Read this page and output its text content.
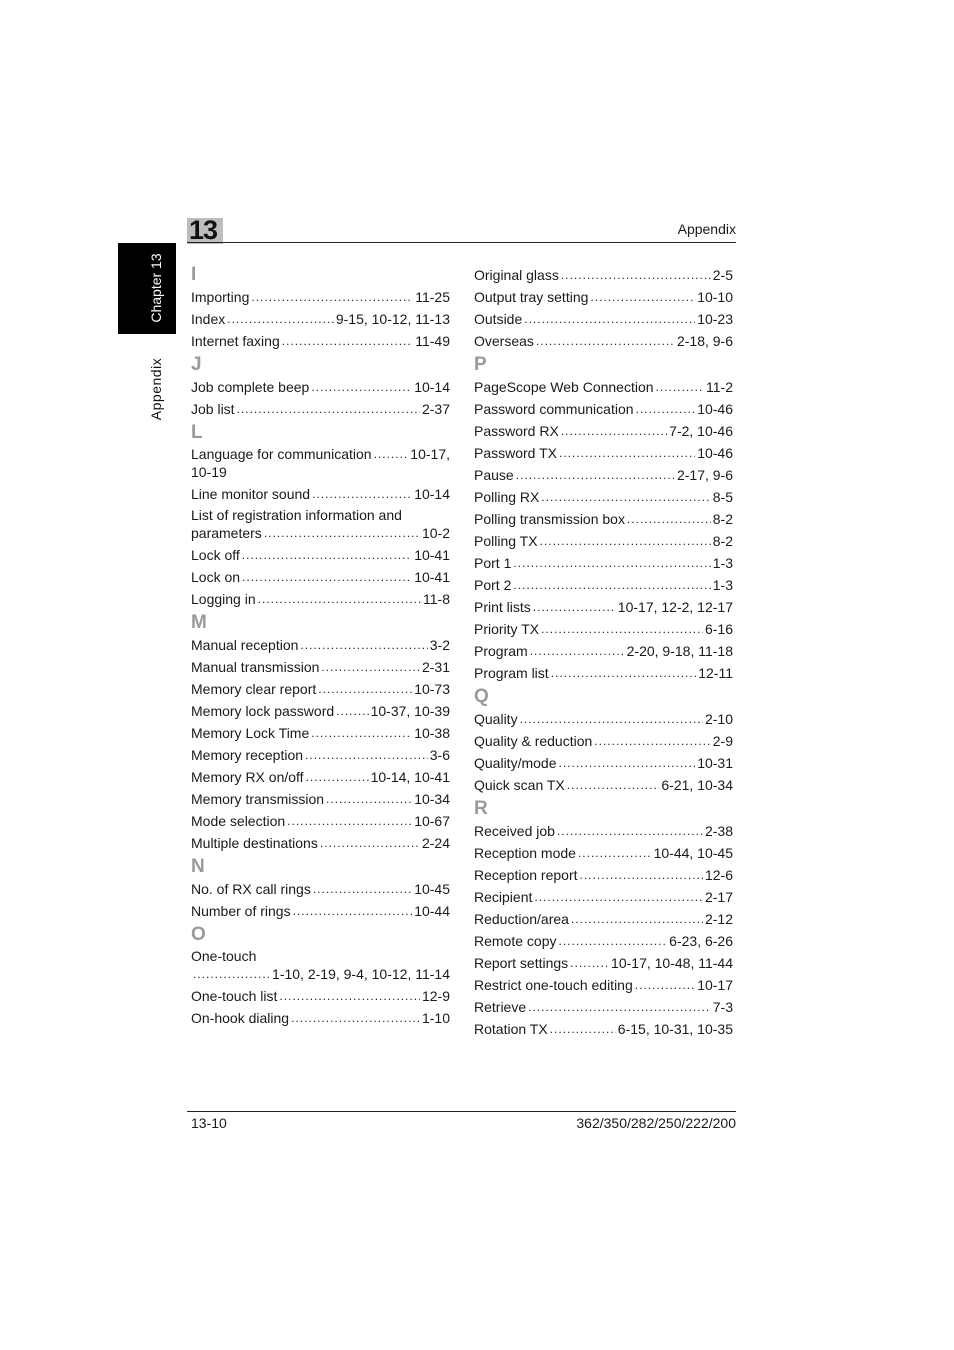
13	Appendix
Chapter 13
Appendix
I
Importing .....	11-25
Index .....	9-15, 10-12, 11-13
Internet faxing .....	11-49
J
Job complete beep .....	10-14
Job list .....	2-37
L
Language for communication .....	10-17,
10-19
Line monitor sound .....	10-14
List of registration information and
parameters .....	10-2
Lock off .....	10-41
Lock on .....	10-41
Logging in .....	11-8
M
Manual reception .....	3-2
Manual transmission .....	2-31
Memory clear report .....	10-73
Memory lock password .....	10-37, 10-39
Memory Lock Time .....	10-38
Memory reception .....	3-6
Memory RX on/off .....	10-14, 10-41
Memory transmission .....	10-34
Mode selection .....	10-67
Multiple destinations .....	2-24
N
No. of RX call rings .....	10-45
Number of rings .....	10-44
O
One-touch
.....
1-10, 2-19, 9-4, 10-12, 11-14
One-touch list .....	12-9
On-hook dialing .....	1-10
Original glass .....	2-5
Output tray setting .....	10-10
Outside .....	10-23
Overseas .....	2-18, 9-6
P
PageScope Web Connection .....	11-2
Password communication .....	10-46
Password RX .....	7-2, 10-46
Password TX .....	10-46
Pause .....	2-17, 9-6
Polling RX .....	8-5
Polling transmission box .....	8-2
Polling TX .....	8-2
Port 1 .....	1-3
Port 2 .....	1-3
Print lists .....	10-17, 12-2, 12-17
Priority TX .....	6-16
Program .....	2-20, 9-18, 11-18
Program list .....	12-11
Q
Quality .....	2-10
Quality & reduction .....	2-9
Quality/mode .....	10-31
Quick scan TX .....	6-21, 10-34
R
Received job .....	2-38
Reception mode .....	10-44, 10-45
Reception report .....	12-6
Recipient .....	2-17
Reduction/area .....	2-12
Remote copy .....	6-23, 6-26
Report settings .....	10-17, 10-48, 11-44
Restrict one-touch editing .....	10-17
Retrieve .....	7-3
Rotation TX .....	6-15, 10-31, 10-35
13-10	362/350/282/250/222/200
